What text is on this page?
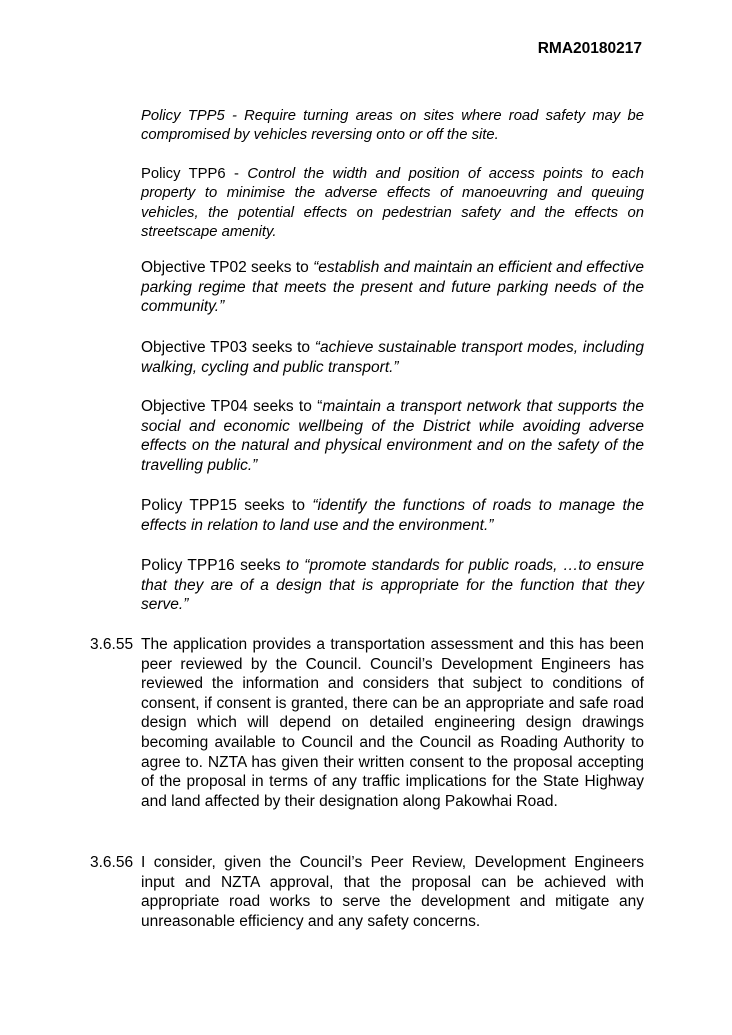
RMA20180217

Policy TPP5 - Require turning areas on sites where road safety may be compromised by vehicles reversing onto or off the site.

Policy TPP6 - Control the width and position of access points to each property to minimise the adverse effects of manoeuvring and queuing vehicles, the potential effects on pedestrian safety and the effects on streetscape amenity.

Objective TP02 seeks to “establish and maintain an efficient and effective parking regime that meets the present and future parking needs of the community.”

Objective TP03 seeks to “achieve sustainable transport modes, including walking, cycling and public transport.”

Objective TP04 seeks to “maintain a transport network that supports the social and economic wellbeing of the District while avoiding adverse effects on the natural and physical environment and on the safety of the travelling public.”

Policy TPP15 seeks to “identify the functions of roads to manage the effects in relation to land use and the environment.”

Policy TPP16 seeks to “promote standards for public roads, …to ensure that they are of a design that is appropriate for the function that they serve.”

3.6.55 The application provides a transportation assessment and this has been peer reviewed by the Council. Council’s Development Engineers has reviewed the information and considers that subject to conditions of consent, if consent is granted, there can be an appropriate and safe road design which will depend on detailed engineering design drawings becoming available to Council and the Council as Roading Authority to agree to. NZTA has given their written consent to the proposal accepting of the proposal in terms of any traffic implications for the State Highway and land affected by their designation along Pakowhai Road.

3.6.56 I consider, given the Council’s Peer Review, Development Engineers input and NZTA approval, that the proposal can be achieved with appropriate road works to serve the development and mitigate any unreasonable efficiency and any safety concerns.
